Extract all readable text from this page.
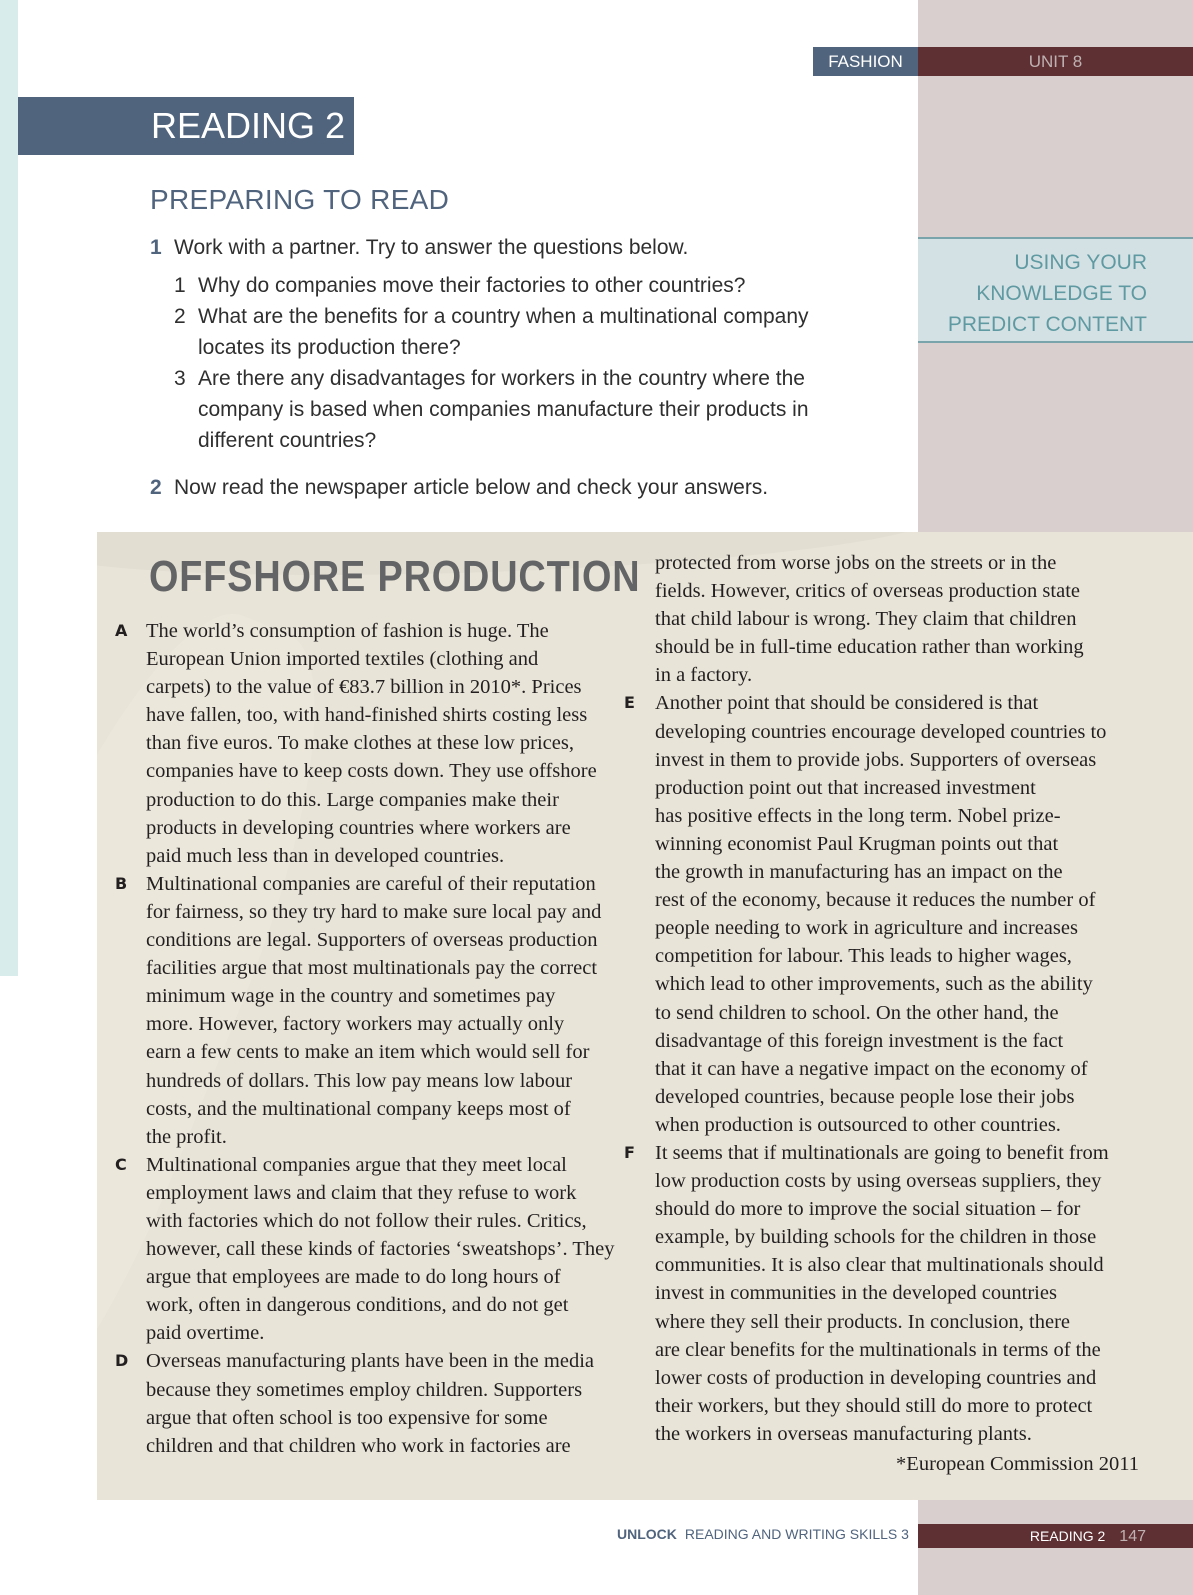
FASHION	UNIT 8
READING 2
PREPARING TO READ
1 Work with a partner. Try to answer the questions below.
1 Why do companies move their factories to other countries?
2 What are the benefits for a country when a multinational company
locates its production there?
3 Are there any disadvantages for workers in the country where the
company is based when companies manufacture their products in
different countries?
2 Now read the newspaper article below and check your answers.
USING YOUR
KNOWLEDGE TO
PREDICT CONTENT
OFFSHORE PRODUCTION
A The world’s consumption of fashion is huge. The
European Union imported textiles (clothing and
carpets) to the value of €83.7 billion in 2010*. Prices
have fallen, too, with hand-finished shirts costing less
than five euros. To make clothes at these low prices,
companies have to keep costs down. They use offshore
production to do this. Large companies make their
products in developing countries where workers are
paid much less than in developed countries.
B Multinational companies are careful of their reputation
for fairness, so they try hard to make sure local pay and
conditions are legal. Supporters of overseas production
facilities argue that most multinationals pay the correct
minimum wage in the country and sometimes pay
more. However, factory workers may actually only
earn a few cents to make an item which would sell for
hundreds of dollars. This low pay means low labour
costs, and the multinational company keeps most of
the profit.
C Multinational companies argue that they meet local
employment laws and claim that they refuse to work
with factories which do not follow their rules. Critics,
however, call these kinds of factories ‘sweatshops’. They
argue that employees are made to do long hours of
work, often in dangerous conditions, and do not get
paid overtime.
D Overseas manufacturing plants have been in the media
because they sometimes employ children. Supporters
argue that often school is too expensive for some
children and that children who work in factories are
protected from worse jobs on the streets or in the
fields. However, critics of overseas production state
that child labour is wrong. They claim that children
should be in full-time education rather than working
in a factory.
E Another point that should be considered is that
developing countries encourage developed countries to
invest in them to provide jobs. Supporters of overseas
production point out that increased investment
has positive effects in the long term. Nobel prize-
winning economist Paul Krugman points out that
the growth in manufacturing has an impact on the
rest of the economy, because it reduces the number of
people needing to work in agriculture and increases
competition for labour. This leads to higher wages,
which lead to other improvements, such as the ability
to send children to school. On the other hand, the
disadvantage of this foreign investment is the fact
that it can have a negative impact on the economy of
developed countries, because people lose their jobs
when production is outsourced to other countries.
F It seems that if multinationals are going to benefit from
low production costs by using overseas suppliers, they
should do more to improve the social situation – for
example, by building schools for the children in those
communities. It is also clear that multinationals should
invest in communities in the developed countries
where they sell their products. In conclusion, there
are clear benefits for the multinationals in terms of the
lower costs of production in developing countries and
their workers, but they should still do more to protect
the workers in overseas manufacturing plants.
*European Commission 2011
UNLOCK READING AND WRITING SKILLS 3	READING 2 147
